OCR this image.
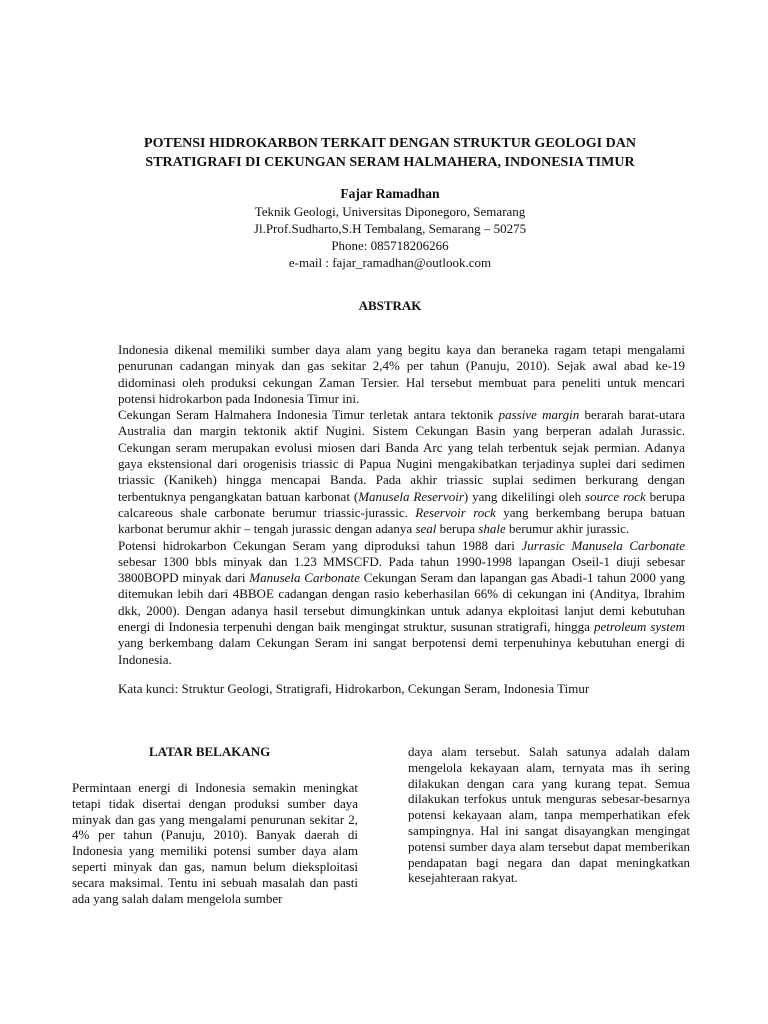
POTENSI HIDROKARBON TERKAIT DENGAN STRUKTUR GEOLOGI DAN
STRATIGRAFI DI CEKUNGAN SERAM HALMAHERA, INDONESIA TIMUR
Fajar Ramadhan
Teknik Geologi, Universitas Diponegoro, Semarang
Jl.Prof.Sudharto,S.H Tembalang, Semarang – 50275
Phone: 085718206266
e-mail : fajar_ramadhan@outlook.com
ABSTRAK

Indonesia dikenal memiliki sumber daya alam yang begitu kaya dan beraneka ragam tetapi mengalami penurunan cadangan minyak dan gas sekitar 2,4% per tahun (Panuju, 2010). Sejak awal abad ke-19 didominasi oleh produksi cekungan Zaman Tersier. Hal tersebut membuat para peneliti untuk mencari potensi hidrokarbon pada Indonesia Timur ini.

Cekungan Seram Halmahera Indonesia Timur terletak antara tektonik passive margin berarah barat-utara Australia dan margin tektonik aktif Nugini. Sistem Cekungan Basin yang berperan adalah Jurassic. Cekungan seram merupakan evolusi miosen dari Banda Arc yang telah terbentuk sejak permian. Adanya gaya ekstensional dari orogenisis triassic di Papua Nugini mengakibatkan terjadinya suplei dari sedimen triassic (Kanikeh) hingga mencapai Banda. Pada akhir triassic suplai sedimen berkurang dengan terbentuknya pengangkatan batuan karbonat (Manusela Reservoir) yang dikelilingi oleh source rock berupa calcareous shale carbonate berumur triassic-jurassic. Reservoir rock yang berkembang berupa batuan karbonat berumur akhir – tengah jurassic dengan adanya seal berupa shale berumur akhir jurassic.

Potensi hidrokarbon Cekungan Seram yang diproduksi tahun 1988 dari Jurrasic Manusela Carbonate sebesar 1300 bbls minyak dan 1.23 MMSCFD. Pada tahun 1990-1998 lapangan Oseil-1 diuji sebesar 3800BOPD minyak dari Manusela Carbonate Cekungan Seram dan lapangan gas Abadi-1 tahun 2000 yang ditemukan lebih dari 4BBOE cadangan dengan rasio keberhasilan 66% di cekungan ini (Anditya, Ibrahim dkk, 2000). Dengan adanya hasil tersebut dimungkinkan untuk adanya ekploitasi lanjut demi kebutuhan energi di Indonesia terpenuhi dengan baik mengingat struktur, susunan stratigrafi, hingga petroleum system yang berkembang dalam Cekungan Seram ini sangat berpotensi demi terpenuhinya kebutuhan energi di Indonesia.

Kata kunci: Struktur Geologi, Stratigrafi, Hidrokarbon, Cekungan Seram, Indonesia Timur
LATAR BELAKANG

Permintaan energi di Indonesia semakin meningkat tetapi tidak disertai dengan produksi sumber daya minyak dan gas yang mengalami penurunan sekitar 2, 4% per tahun (Panuju, 2010). Banyak daerah di Indonesia yang memiliki potensi sumber daya alam seperti minyak dan gas, namun belum dieksploitasi secara maksimal. Tentu ini sebuah masalah dan pasti ada yang salah dalam mengelola sumber

daya alam tersebut. Salah satunya adalah dalam mengelola kekayaan alam, ternyata mas ih sering dilakukan dengan cara yang kurang tepat. Semua dilakukan terfokus untuk menguras sebesar-besarnya potensi kekayaan alam, tanpa memperhatikan efek sampingnya. Hal ini sangat disayangkan mengingat potensi sumber daya alam tersebut dapat memberikan pendapatan bagi negara dan dapat meningkatkan kesejahteraan rakyat.
